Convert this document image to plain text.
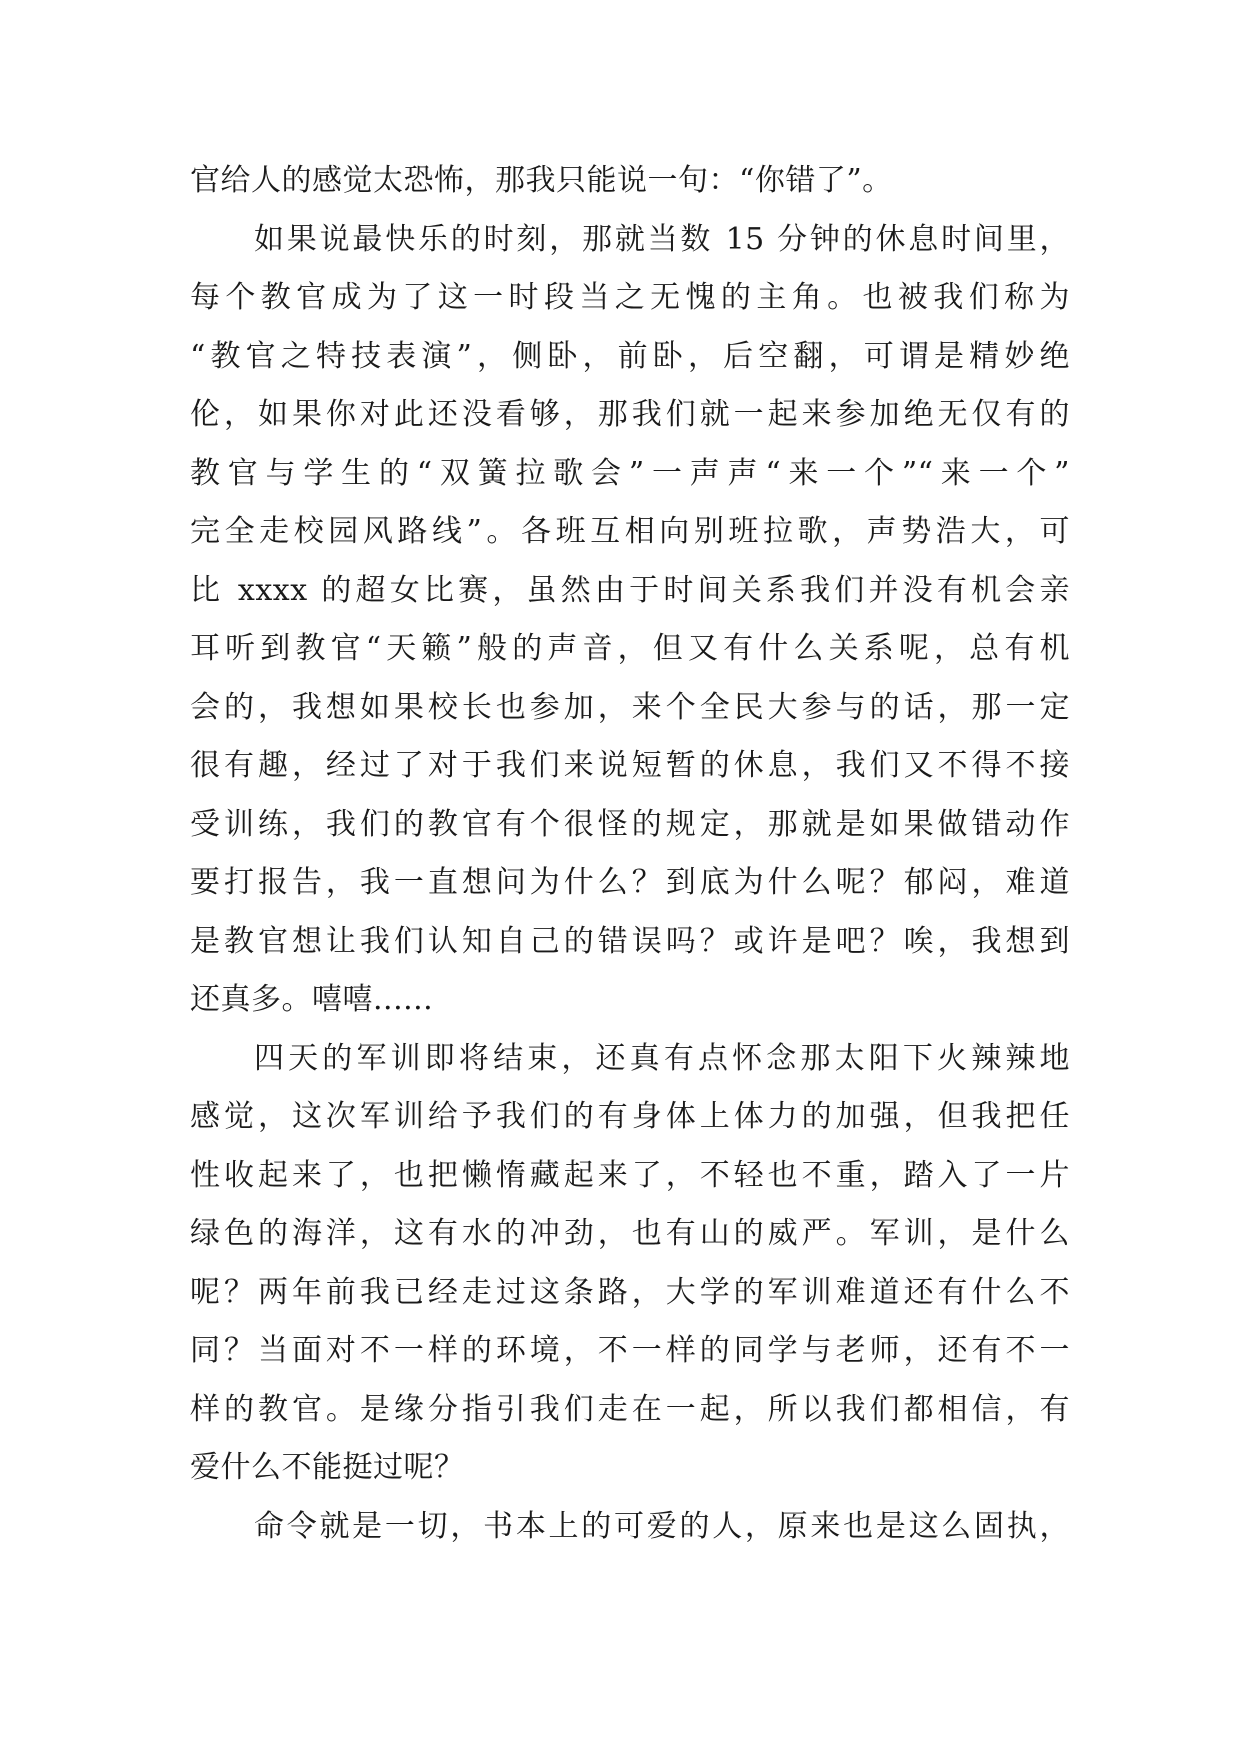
官给人的感觉太恐怖，那我只能说一句：“你错了”。
如果说最快乐的时刻，那就当数 15 分钟的休息时间里，
每个教官成为了这一时段当之无愧的主角。也被我们称为
“教官之特技表演”，侧卧，前卧，后空翻，可谓是精妙绝
伦，如果你对此还没看够，那我们就一起来参加绝无仅有的
教官与学生的“双簧拉歌会”一声声“来一个”“来一个”
完全走校园风路线”。各班互相向别班拉歌，声势浩大，可
比 xxxx 的超女比赛，虽然由于时间关系我们并没有机会亲
耳听到教官“天籁”般的声音，但又有什么关系呢，总有机
会的，我想如果校长也参加，来个全民大参与的话，那一定
很有趣，经过了对于我们来说短暂的休息，我们又不得不接
受训练，我们的教官有个很怪的规定，那就是如果做错动作
要打报告，我一直想问为什么？到底为什么呢？郁闷，难道
是教官想让我们认知自己的错误吗？或许是吧？唉，我想到
还真多。嘻嘻......
四天的军训即将结束，还真有点怀念那太阳下火辣辣地
感觉，这次军训给予我们的有身体上体力的加强，但我把任
性收起来了，也把懒惰藏起来了，不轻也不重，踏入了一片
绿色的海洋，这有水的冲劲，也有山的威严。军训，是什么
呢？两年前我已经走过这条路，大学的军训难道还有什么不
同？当面对不一样的环境，不一样的同学与老师，还有不一
样的教官。是缘分指引我们走在一起，所以我们都相信，有
爱什么不能挺过呢？
命令就是一切，书本上的可爱的人，原来也是这么固执，
